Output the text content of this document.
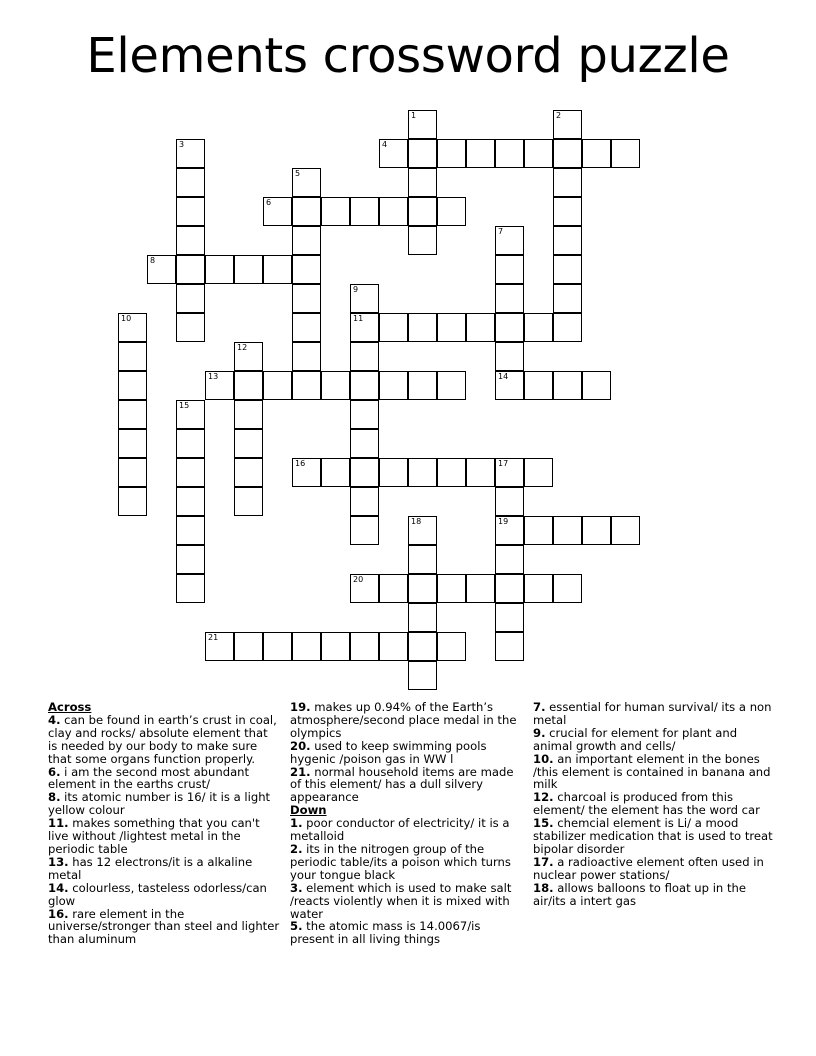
Elements crossword puzzle
1	2
3	4
5
6
7
8
9
11
10
12
13	14
15
16	17
19
18
20
21

Across

4. can be found in earth’s crust in coal, clay and rocks/ absolute element that is needed by our body to make sure that some organs function properly.

6. i am the second most abundant element in the earths crust/

8. its atomic number is 16/ it is a light yellow colour

11. makes something that you can't live without /lightest metal in the periodic table

13. has 12 electrons/it is a alkaline metal

14. colourless, tasteless odorless/can glow

16. rare element in the universe/stronger than steel and lighter than aluminum

19. makes up 0.94% of the Earth’s atmosphere/second place medal in the olympics

20. used to keep swimming pools hygenic /poison gas in WW l

21. normal household items are made of this element/ has a dull silvery appearance

Down

1. poor conductor of electricity/ it is a metalloid

2. its in the nitrogen group of the periodic table/its a poison which turns your tongue black

3. element which is used to make salt /reacts violently when it is mixed with water

5. the atomic mass is 14.0067/is present in all living things

7. essential for human survival/ its a non metal

9. crucial for element for plant and animal growth and cells/

10. an important element in the bones /this element is contained in banana and milk

12. charcoal is produced from this element/ the element has the word car

15. chemcial element is Li/ a mood stabilizer medication that is used to treat bipolar disorder

17. a radioactive element often used in nuclear power stations/

18. allows balloons to float up in the air/its a intert gas
